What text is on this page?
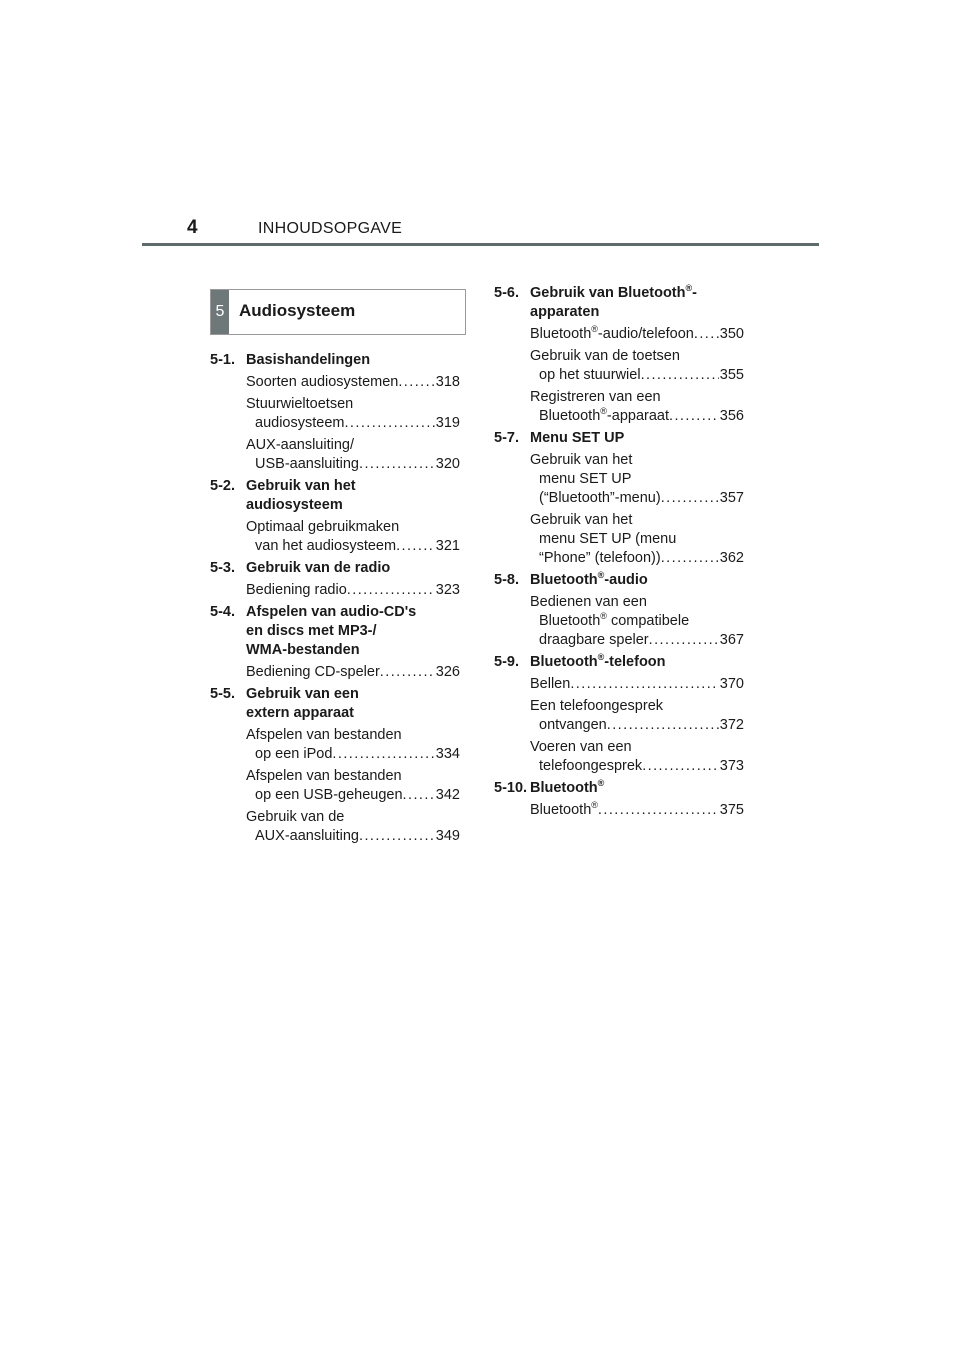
4	INHOUDSOPGAVE
5 Audiosysteem
5-1. Basishandelingen
Soorten audiosystemen . . .	318
Stuurwieltoetsen
audiosysteem . . .	319
AUX-aansluiting/
USB-aansluiting . . .	320
5-2. Gebruik van het
audiosysteem
Optimaal gebruikmaken
van het audiosysteem . . .	321
5-3. Gebruik van de radio
Bediening radio . . .	323
5-4. Afspelen van audio-CD's
en discs met MP3-/
WMA-bestanden
Bediening CD-speler . . .	326
5-5. Gebruik van een
extern apparaat
Afspelen van bestanden
op een iPod . . .	334
Afspelen van bestanden
op een USB-geheugen . . . 342
Gebruik van de
AUX-aansluiting . . .	349
5-6. Gebruik van Bluetooth®-
apparaten
Bluetooth®-audio/telefoon . . . 350
Gebruik van de toetsen
op het stuurwiel . . .	355
Registreren van een
Bluetooth®-apparaat . . .	356
5-7. Menu SET UP
Gebruik van het
menu SET UP
(“Bluetooth”-menu) . . .	357
Gebruik van het
menu SET UP (menu
“Phone” (telefoon)) . . .	362
5-8. Bluetooth®-audio
Bedienen van een
Bluetooth® compatibele
draagbare speler . . .	367
5-9. Bluetooth®-telefoon
Bellen . . .	370
Een telefoongesprek
ontvangen . . .	372
Voeren van een
telefoongesprek . . .	373
5-10. Bluetooth®
Bluetooth® . . .	375
